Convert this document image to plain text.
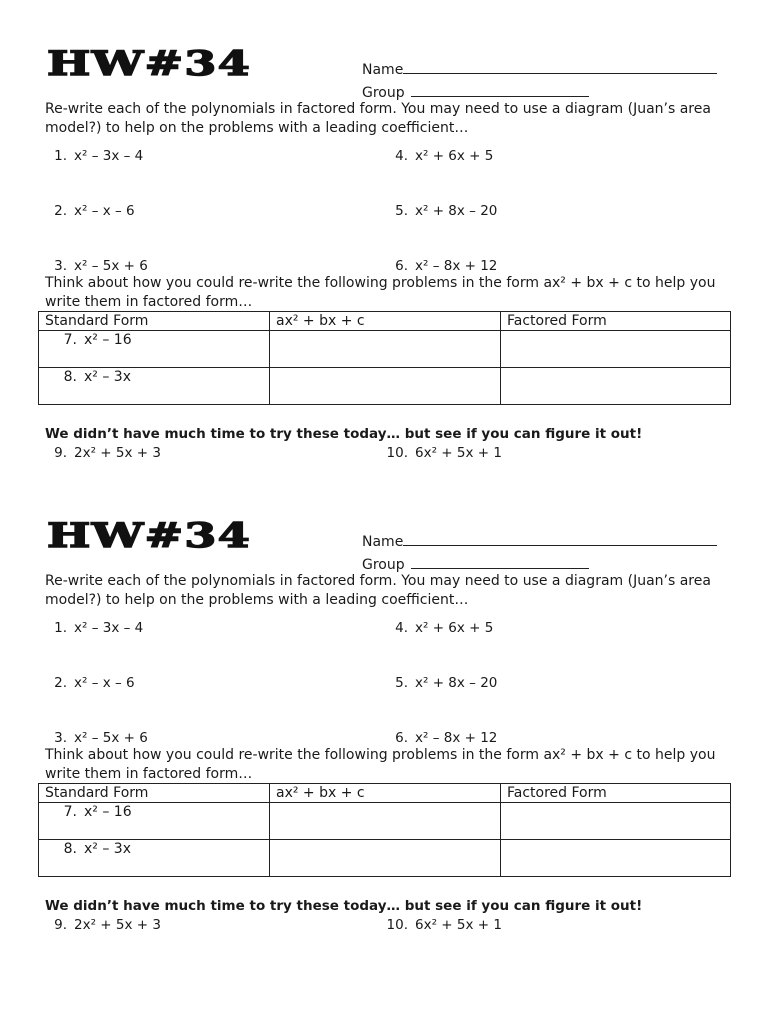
HW#34	Name
Group

Re-write each of the polynomials in factored form. You may need to use a diagram (Juan’s area model?) to help on the problems with a leading coefficient…

1. x² – 3x – 4
2. x² – x – 6
3. x² – 5x + 6
4. x² + 6x + 5
5. x² + 8x – 20
6. x² – 8x + 12

Think about how you could re-write the following problems in the form ax² + bx + c to help you write them in factored form…

Standard Form	ax² + bx + c	Factored Form
7. x² – 16		
8. x² – 3x		

We didn’t have much time to try these today… but see if you can figure it out!

9. 2x² + 5x + 3	10. 6x² + 5x + 1
HW#34	Name
Group

Re-write each of the polynomials in factored form. You may need to use a diagram (Juan’s area model?) to help on the problems with a leading coefficient…

1. x² – 3x – 4
2. x² – x – 6
3. x² – 5x + 6
4. x² + 6x + 5
5. x² + 8x – 20
6. x² – 8x + 12

Think about how you could re-write the following problems in the form ax² + bx + c to help you write them in factored form…

Standard Form	ax² + bx + c	Factored Form
7. x² – 16		
8. x² – 3x		

We didn’t have much time to try these today… but see if you can figure it out!

9. 2x² + 5x + 3	10. 6x² + 5x + 1
